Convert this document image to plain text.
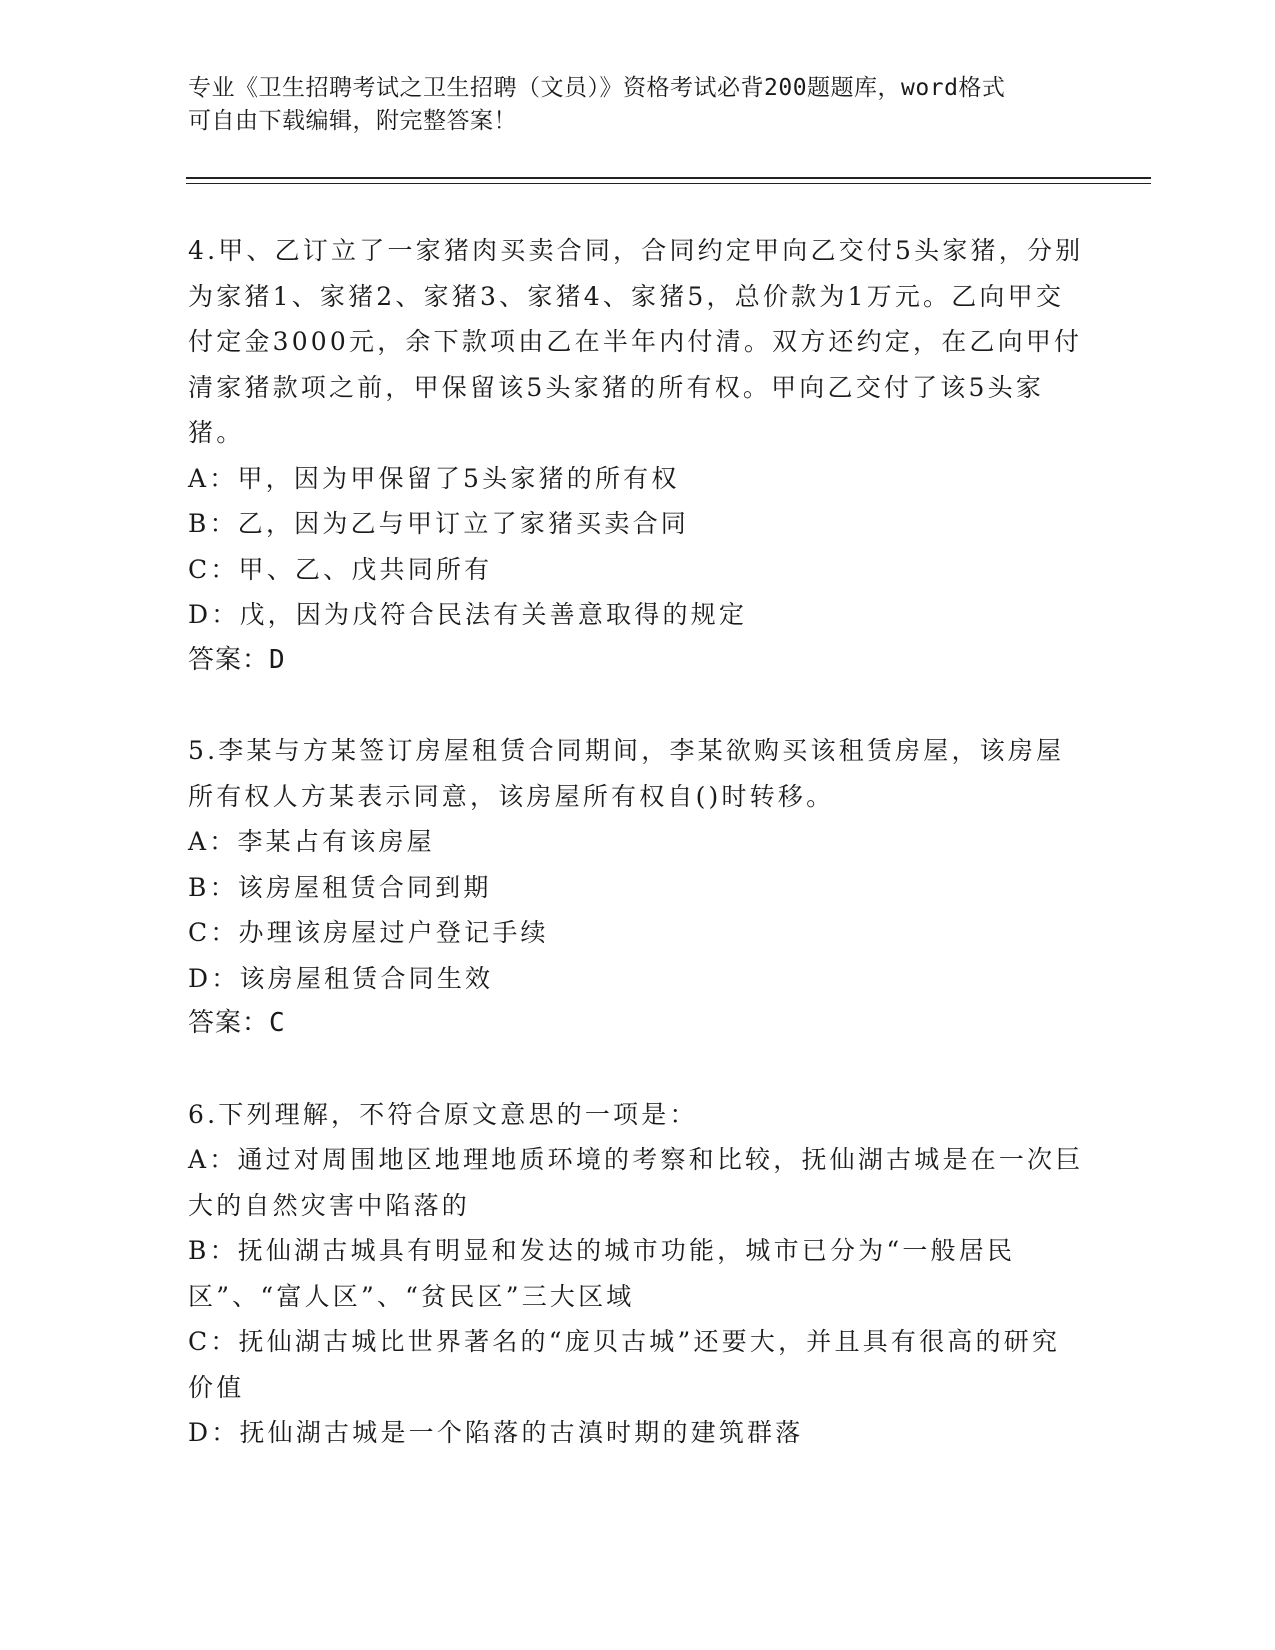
专业《卫生招聘考试之卫生招聘（文员）》资格考试必背200题题库，word格式
可自由下载编辑，附完整答案！
4.甲、乙订立了一家猪肉买卖合同，合同约定甲向乙交付5头家猪，分别为家猪1、家猪2、家猪3、家猪4、家猪5，总价款为1万元。乙向甲交付定金3000元，余下款项由乙在半年内付清。双方还约定，在乙向甲付清家猪款项之前，甲保留该5头家猪的所有权。甲向乙交付了该5头家猪。
A：甲，因为甲保留了5头家猪的所有权
B：乙，因为乙与甲订立了家猪买卖合同
C：甲、乙、戊共同所有
D：戊，因为戊符合民法有关善意取得的规定
答案：D
5.李某与方某签订房屋租赁合同期间，李某欲购买该租赁房屋，该房屋所有权人方某表示同意，该房屋所有权自()时转移。
A：李某占有该房屋
B：该房屋租赁合同到期
C：办理该房屋过户登记手续
D：该房屋租赁合同生效
答案：C
6.下列理解，不符合原文意思的一项是：
A：通过对周围地区地理地质环境的考察和比较，抚仙湖古城是在一次巨大的自然灾害中陷落的
B：抚仙湖古城具有明显和发达的城市功能，城市已分为“一般居民区”、“富人区”、“贫民区”三大区域
C：抚仙湖古城比世界著名的“庞贝古城”还要大，并且具有很高的研究价值
D：抚仙湖古城是一个陷落的古滇时期的建筑群落
